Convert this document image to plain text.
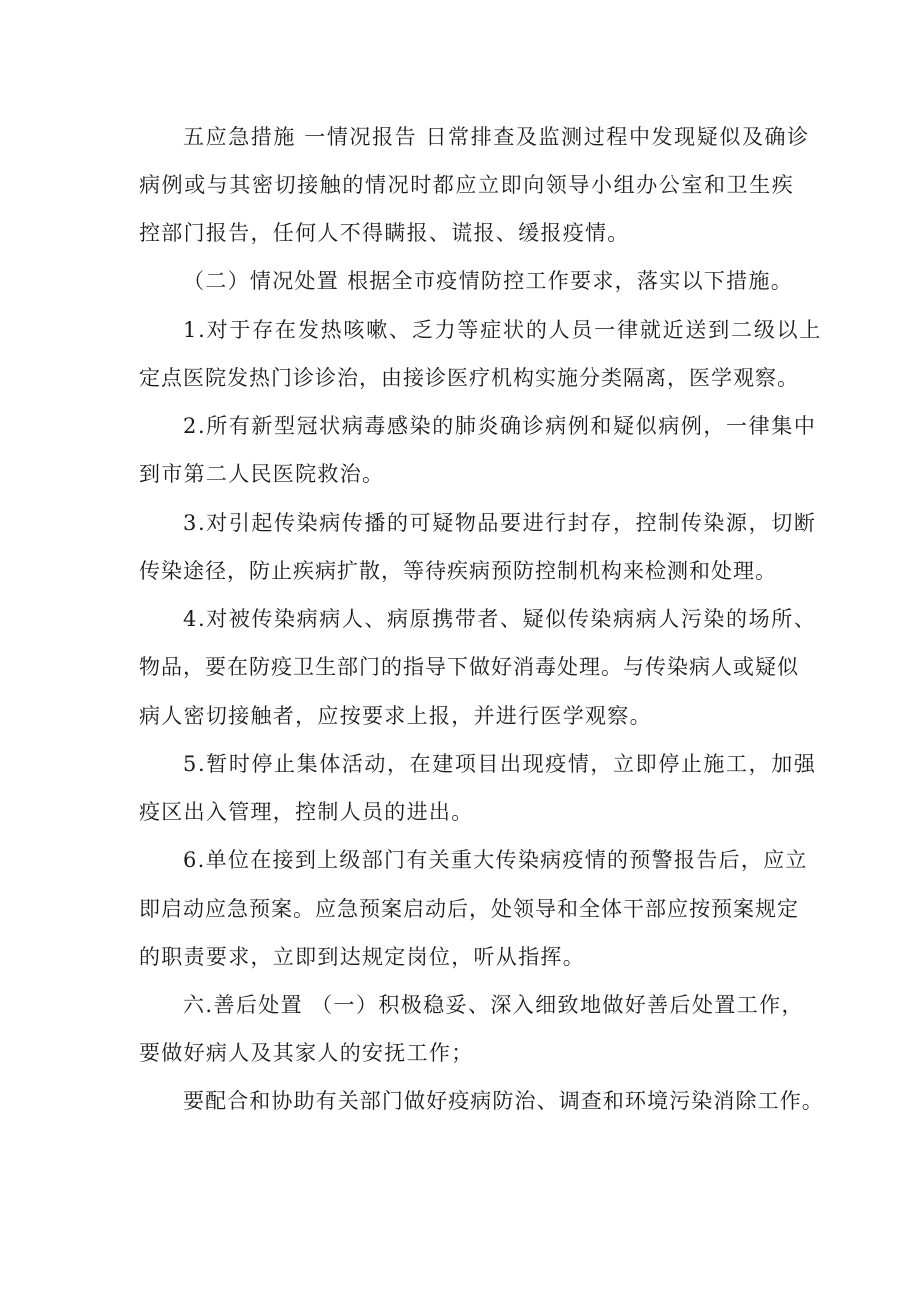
五应急措施 一情况报告 日常排查及监测过程中发现疑似及确诊
病例或与其密切接触的情况时都应立即向领导小组办公室和卫生疾
控部门报告，任何人不得瞒报、谎报、缓报疫情。
（二）情况处置 根据全市疫情防控工作要求，落实以下措施。
1.对于存在发热咳嗽、乏力等症状的人员一律就近送到二级以上
定点医院发热门诊诊治，由接诊医疗机构实施分类隔离，医学观察。
2.所有新型冠状病毒感染的肺炎确诊病例和疑似病例，一律集中
到市第二人民医院救治。
3.对引起传染病传播的可疑物品要进行封存，控制传染源，切断
传染途径，防止疾病扩散，等待疾病预防控制机构来检测和处理。
4.对被传染病病人、病原携带者、疑似传染病病人污染的场所、
物品，要在防疫卫生部门的指导下做好消毒处理。与传染病人或疑似
病人密切接触者，应按要求上报，并进行医学观察。
5.暂时停止集体活动，在建项目出现疫情，立即停止施工，加强
疫区出入管理，控制人员的进出。
6.单位在接到上级部门有关重大传染病疫情的预警报告后，应立
即启动应急预案。应急预案启动后，处领导和全体干部应按预案规定
的职责要求，立即到达规定岗位，听从指挥。
六.善后处置 （一）积极稳妥、深入细致地做好善后处置工作，
要做好病人及其家人的安抚工作；
要配合和协助有关部门做好疫病防治、调查和环境污染消除工作。
